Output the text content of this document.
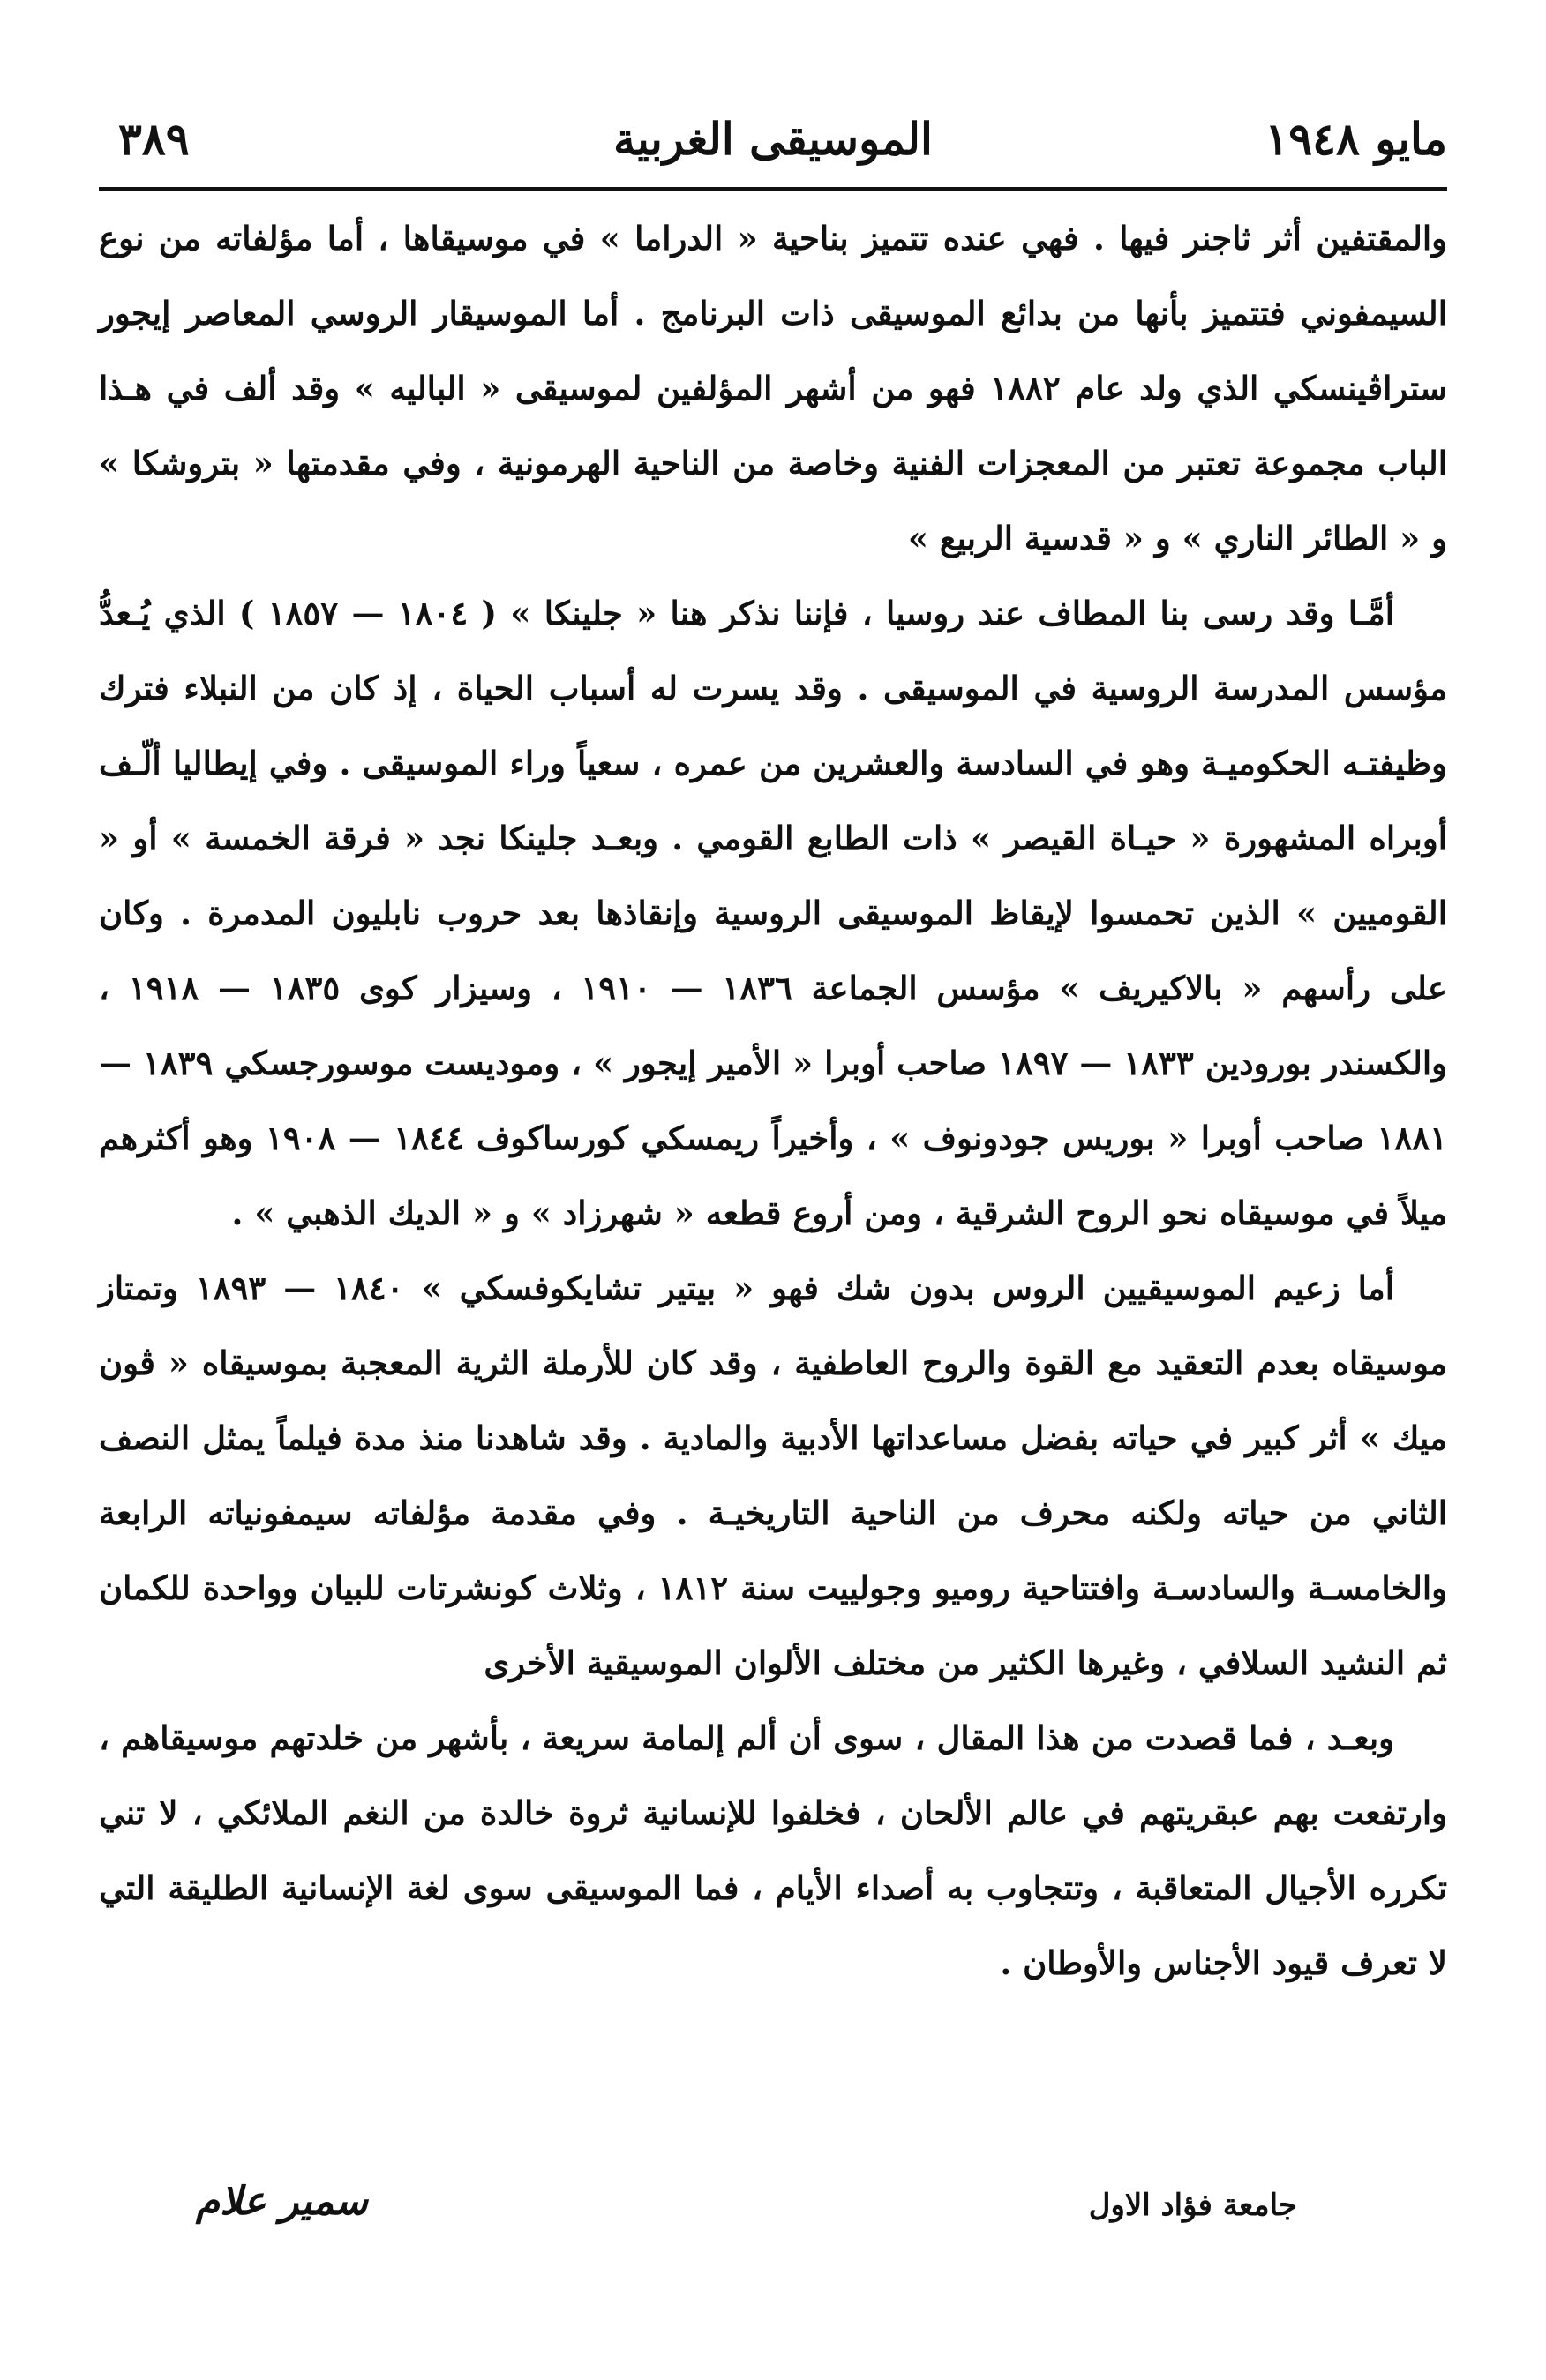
مايو ١٩٤٨
الموسيقى الغربية
٣٨٩

والمقتفين أثر ثاجنر فيها . فهي عنده تتميز بناحية « الدراما » في موسيقاها ، أما مؤلفاته من نوع السيمفوني فتتميز بأنها من بدائع الموسيقى ذات البرنامج . أما الموسيقار الروسي المعاصر إيجور ستراڤينسكي الذي ولد عام ١٨٨٢ فهو من أشهر المؤلفين لموسيقى « الباليه » وقد ألف في هـذا الباب مجموعة تعتبر من المعجزات الفنية وخاصة من الناحية الهرمونية ، وفي مقدمتها « بتروشكا » و « الطائر الناري » و « قدسية الربيع »

أمَّـا وقد رسى بنا المطاف عند روسيا ، فإننا نذكر هنا « جلينكا » ( ١٨٠٤ — ١٨٥٧ ) الذي يُـعدُّ مؤسس المدرسة الروسية في الموسيقى . وقد يسرت له أسباب الحياة ، إذ كان من النبلاء فترك وظيفتـه الحكوميـة وهو في السادسة والعشرين من عمره ، سعياً وراء الموسيقى . وفي إيطاليا ألّـف أوبراه المشهورة « حيـاة القيصر » ذات الطابع القومي . وبعـد جلينكا نجد « فرقة الخمسة » أو « القوميين » الذين تحمسوا لإيقاظ الموسيقى الروسية وإنقاذها بعد حروب نابليون المدمرة . وكان على رأسهم « بالاكيريف » مؤسس الجماعة ١٨٣٦ — ١٩١٠ ، وسيزار كوى ١٨٣٥ — ١٩١٨ ، والكسندر بورودين ١٨٣٣ — ١٨٩٧ صاحب أوبرا « الأمير إيجور » ، وموديست موسورجسكي ١٨٣٩ — ١٨٨١ صاحب أوبرا « بوريس جودونوف » ، وأخيراً ريمسكي كورساكوف ١٨٤٤ — ١٩٠٨ وهو أكثرهم ميلاً في موسيقاه نحو الروح الشرقية ، ومن أروع قطعه « شهرزاد » و « الديك الذهبي » .

أما زعيم الموسيقيين الروس بدون شك فهو « بيتير تشايكوفسكي » ١٨٤٠ — ١٨٩٣ وتمتاز موسيقاه بعدم التعقيد مع القوة والروح العاطفية ، وقد كان للأرملة الثرية المعجبة بموسيقاه « ڤون ميك » أثر كبير في حياته بفضل مساعداتها الأدبية والمادية . وقد شاهدنا منذ مدة فيلماً يمثل النصف الثاني من حياته ولكنه محرف من الناحية التاريخيـة . وفي مقدمة مؤلفاته سيمفونياته الرابعة والخامسـة والسادسـة وافتتاحية روميو وجولييت سنة ١٨١٢ ، وثلاث كونشرتات للبيان وواحدة للكمان ثم النشيد السلافي ، وغيرها الكثير من مختلف الألوان الموسيقية الأخرى

وبعـد ، فما قصدت من هذا المقال ، سوى أن ألم إلمامة سريعة ، بأشهر من خلدتهم موسيقاهم ، وارتفعت بهم عبقريتهم في عالم الألحان ، فخلفوا للإنسانية ثروة خالدة من النغم الملائكي ، لا تني تكرره الأجيال المتعاقبة ، وتتجاوب به أصداء الأيام ، فما الموسيقى سوى لغة الإنسانية الطليقة التي لا تعرف قيود الأجناس والأوطان .

جامعة فؤاد الاول
سمير علام
